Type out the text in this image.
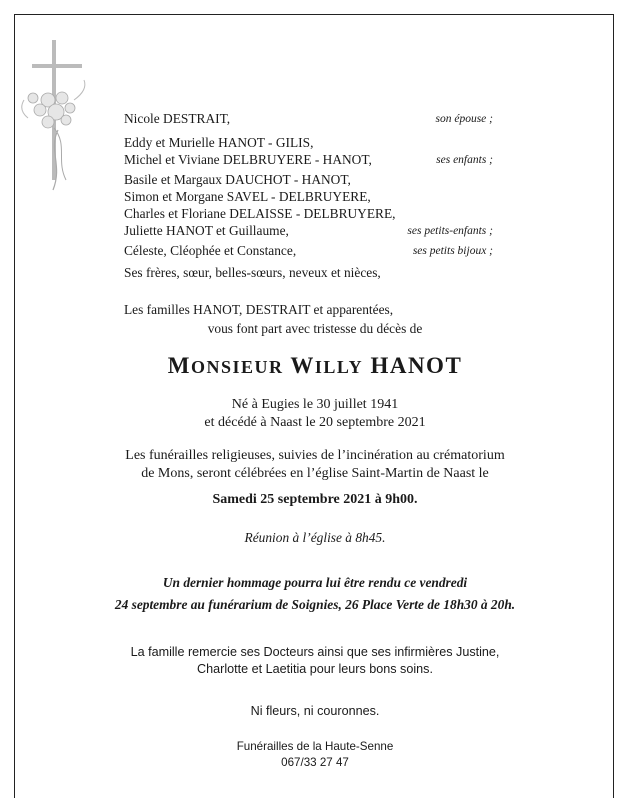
Nicole DESTRAIT,	son épouse ;
Eddy et Murielle HANOT - GILIS,
Michel et Viviane DELBRUYERE - HANOT,	ses enfants ;
Basile et Margaux DAUCHOT - HANOT,
Simon et Morgane SAVEL - DELBRUYERE,
Charles et Floriane DELAISSE - DELBRUYERE,
Juliette HANOT et Guillaume,	ses petits-enfants ;
Céleste, Cléophée et Constance,	ses petits bijoux ;
Ses frères, sœur, belles-sœurs, neveux et nièces,
Les familles HANOT, DESTRAIT et apparentées,
vous font part avec tristesse du décès de
MONSIEUR WILLY HANOT
Né à Eugies le 30 juillet 1941
et décédé à Naast le 20 septembre 2021
Les funérailles religieuses, suivies de l’incinération au crématorium
de Mons, seront célébrées en l’église Saint-Martin de Naast le
Samedi 25 septembre 2021 à 9h00.
Réunion à l’église à 8h45.
Un dernier hommage pourra lui être rendu ce vendredi
24 septembre au funérarium de Soignies, 26 Place Verte de 18h30 à 20h.
La famille remercie ses Docteurs ainsi que ses infirmières Justine,
Charlotte et Laetitia pour leurs bons soins.
Ni fleurs, ni couronnes.
Funérailles de la Haute-Senne
067/33 27 47
